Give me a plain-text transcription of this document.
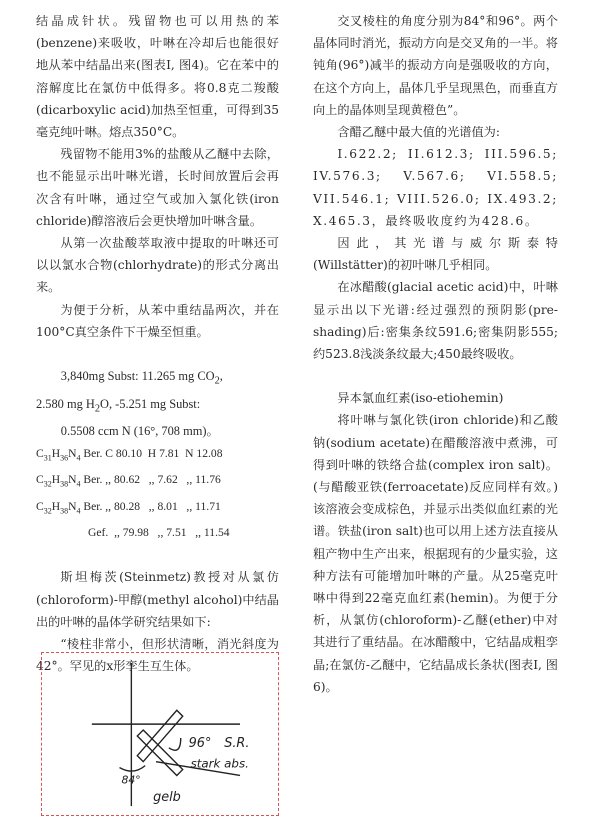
结晶成针状。残留物也可以用热的苯(benzene)来吸收，叶啉在冷却后也能很好地从苯中结晶出来(图表I, 图4)。它在苯中的溶解度比在氯仿中低得多。将0.8克二羧酸(dicarboxylic acid)加热至恒重，可得到35毫克纯叶啉。熔点350°C。

残留物不能用3%的盐酸从乙醚中去除，也不能显示出叶啉光谱，长时间放置后会再次含有叶啉，通过空气或加入氯化铁(iron chloride)醇溶液后会更快增加叶啉含量。

从第一次盐酸萃取液中提取的叶啉还可以以氯水合物(chlorhydrate)的形式分离出来。

为便于分析，从苯中重结晶两次，并在100°C真空条件下干燥至恒重。

3,840mg Subst: 11.265 mg $CO_2$,

2.580 mg $H_2O$, -5.251 mg Subst:

0.5508 ccm N (16°, 708 mm)。

$C_{31}H_{36}N_4$ Ber. C 80.10  H 7.81  N 12.08
$C_{32}H_{38}N_4$ Ber. ,, 80.62   ,, 7.62   ,, 11.76
$C_{32}H_{38}N_4$ Ber. ,, 80.28   ,, 8.01   ,, 11.71
Gef.  ,, 79.98   ,, 7.51   ,, 11.54

斯坦梅茨(Steinmetz)教授对从氯仿(chloroform)-甲醇(methyl alcohol)中结晶出的叶啉的晶体学研究结果如下:

“棱柱非常小，但形状清晰，消光斜度为42°。罕见的x形孪生互生体。

96° S.R.
stark abs.
84°
gelb

交叉棱柱的角度分别为84°和96°。两个晶体同时消光，振动方向是交叉角的一半。将钝角(96°)减半的振动方向是强吸收的方向，在这个方向上，晶体几乎呈现黑色，而垂直方向上的晶体则呈现黄橙色”。

含醋乙醚中最大值的光谱值为:

I.622.2; II.612.3; III.596.5; IV.576.3; V.567.6; VI.558.5; VII.546.1; VIII.526.0; IX.493.2; X.465.3，最终吸收度约为428.6。

因此，其光谱与威尔斯泰特(Willstätter)的初叶啉几乎相同。

在冰醋酸(glacial acetic acid)中，叶啉显示出以下光谱:经过强烈的预阴影(pre-shading)后:密集条纹591.6;密集阴影555;约523.8浅淡条纹最大;450最终吸收。

异本氯血红素(iso-etiohemin)

将叶啉与氯化铁(iron chloride)和乙酸钠(sodium acetate)在醋酸溶液中煮沸，可得到叶啉的铁络合盐(complex iron salt)。(与醋酸亚铁(ferroacetate)反应同样有效。)该溶液会变成棕色，并显示出类似血红素的光谱。铁盐(iron salt)也可以用上述方法直接从粗产物中生产出来，根据现有的少量实验，这种方法有可能增加叶啉的产量。从25毫克叶啉中得到22毫克血红素(hemin)。为便于分析，从氯仿(chloroform)-乙醚(ether)中对其进行了重结晶。在冰醋酸中，它结晶成粗孪晶;在氯仿-乙醚中，它结晶成长条状(图表I, 图6)。
